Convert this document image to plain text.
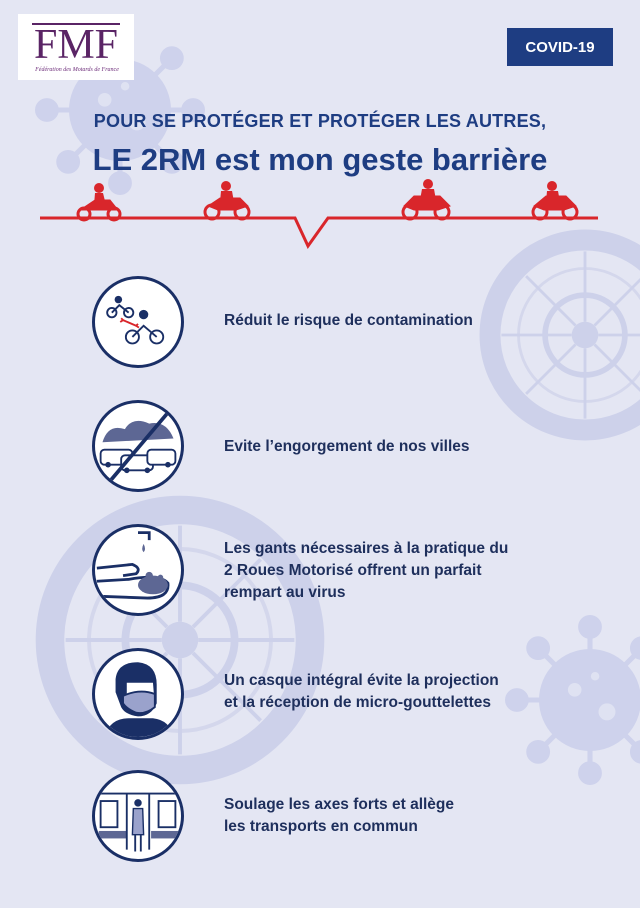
FMF
Fédération des Motards de France
COVID-19
POUR SE PROTÉGER ET PROTÉGER LES AUTRES,
LE 2RM est mon geste barrière
Réduit le risque de contamination
Evite l’engorgement de nos villes
Les gants nécessaires à la pratique du
2 Roues Motorisé offrent un parfait
rempart au virus
Un casque intégral évite la projection
et la réception de micro-gouttelettes
Soulage les axes forts et allège
les transports en commun
